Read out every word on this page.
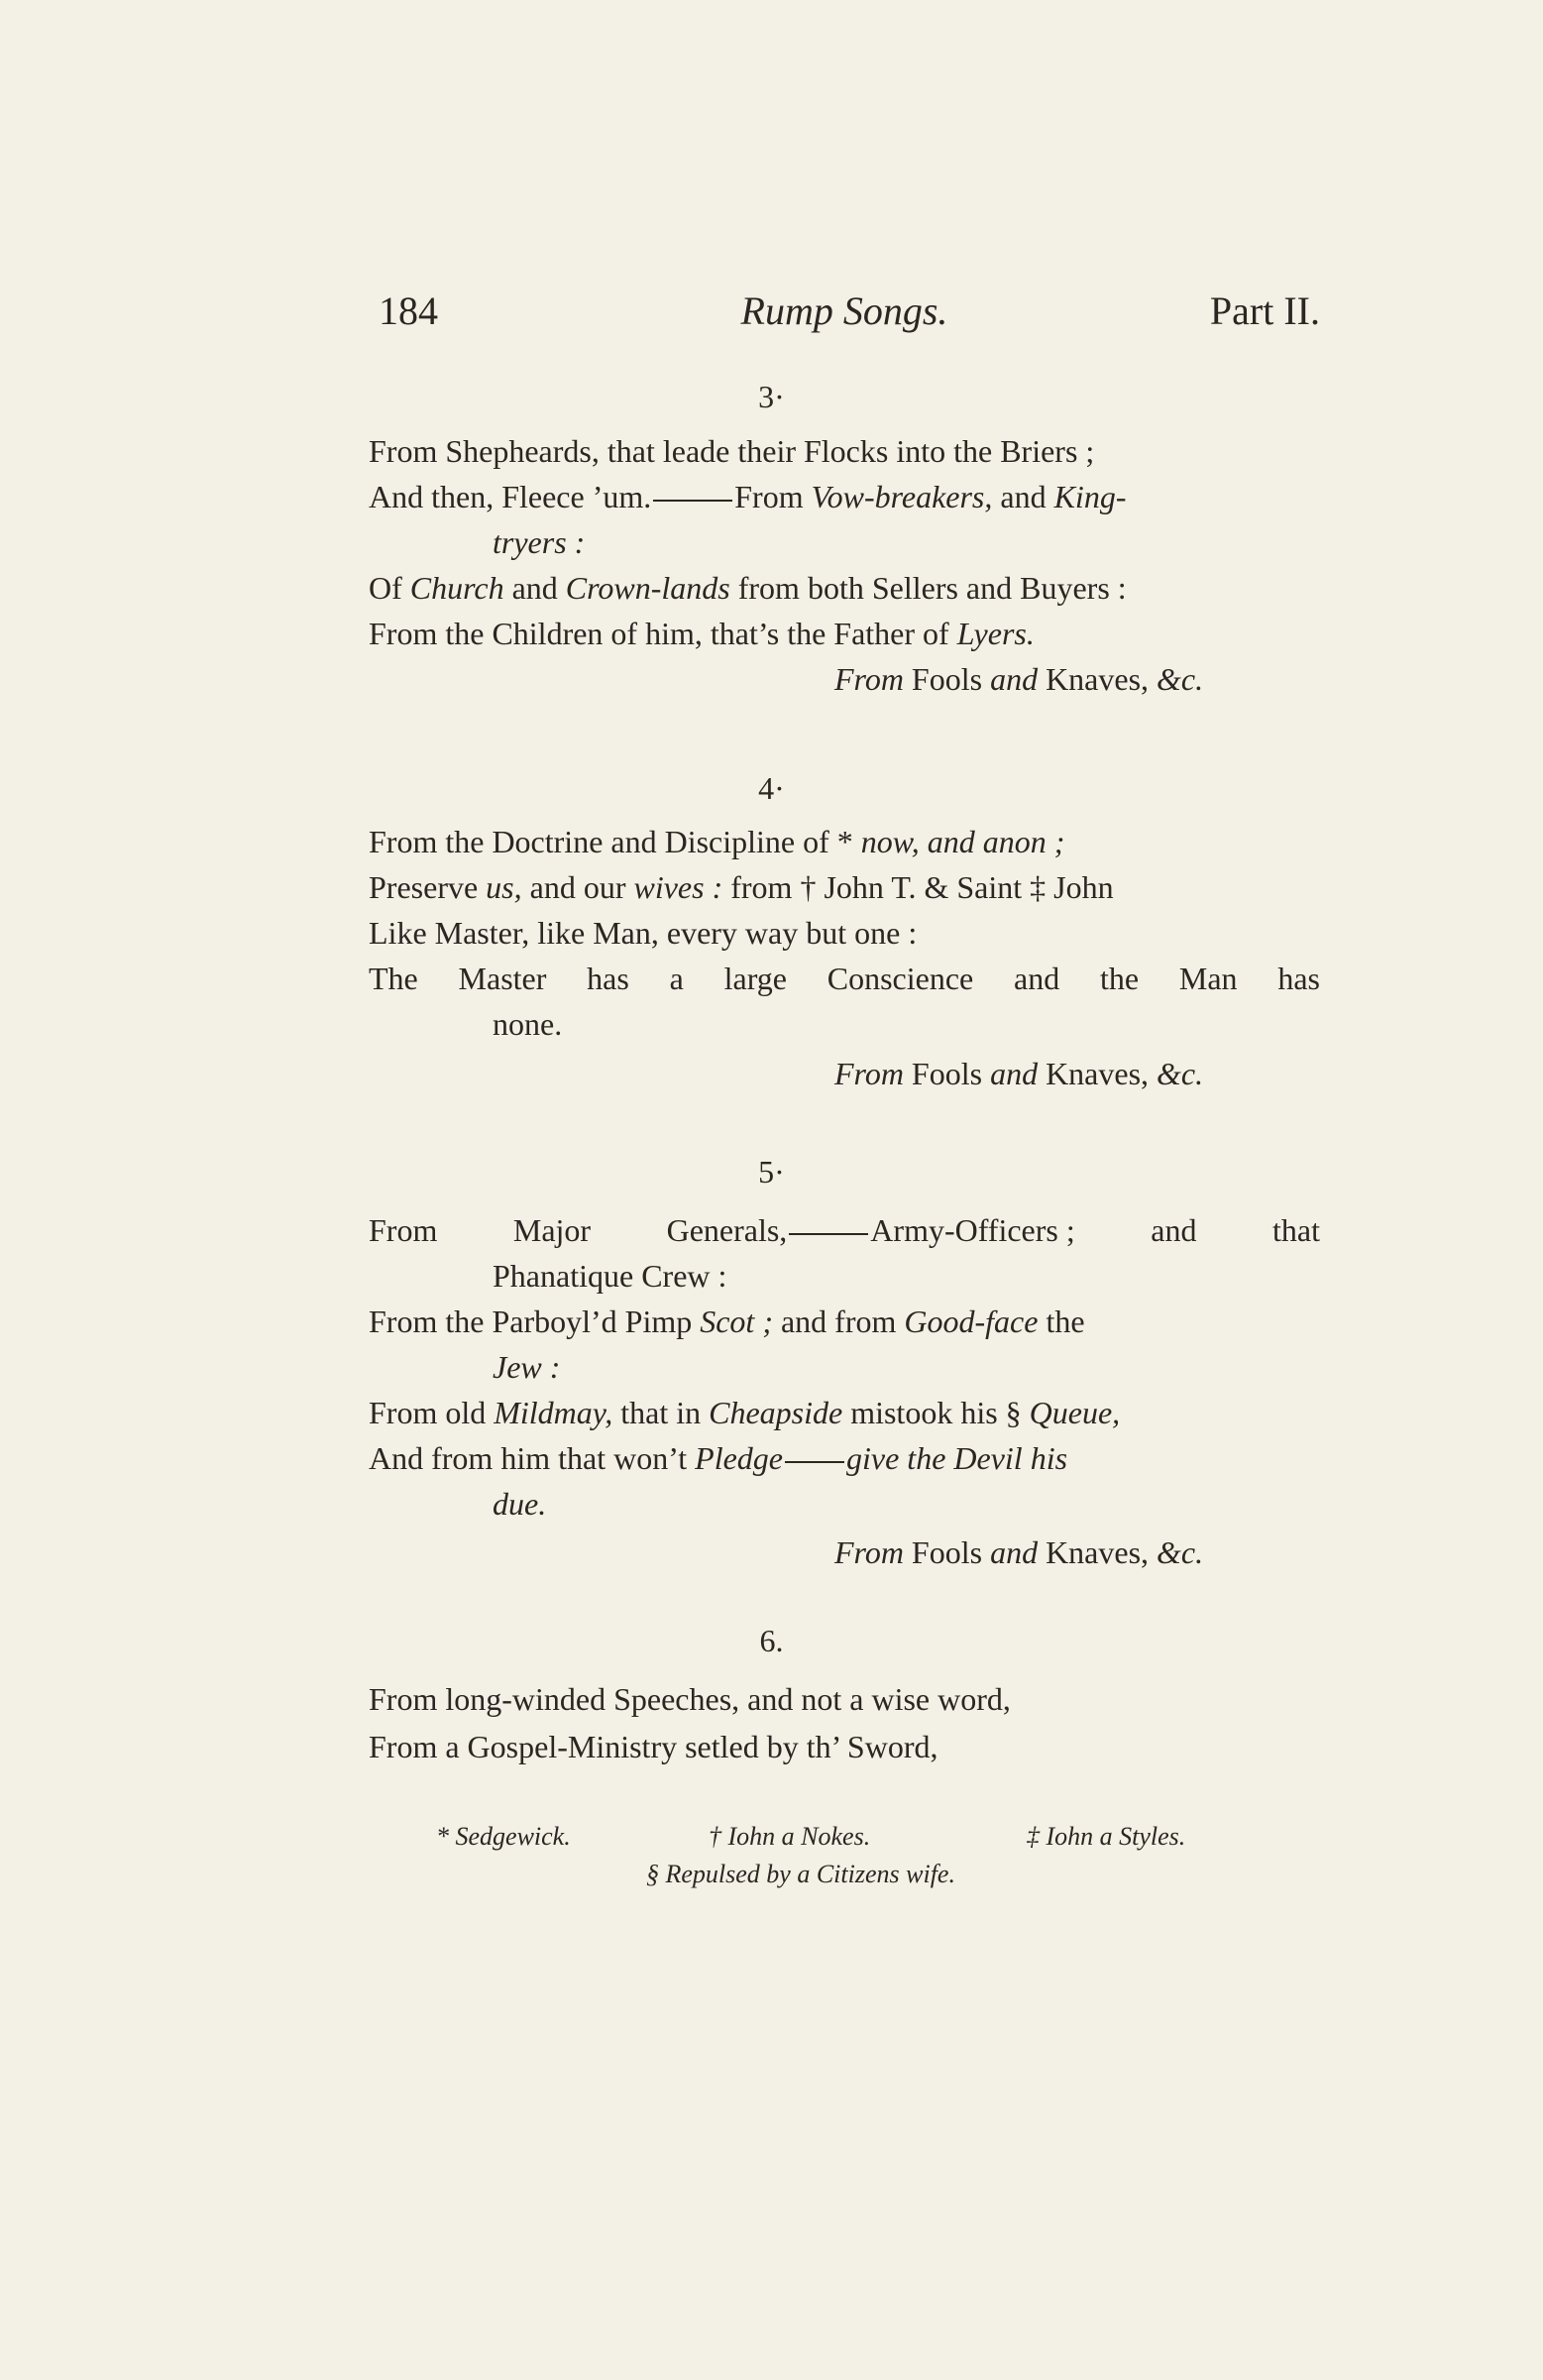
184	Rump Songs.	Part II.
3·
From Shepheards, that leade their Flocks into the Briers ;
And then, Fleece ’um.	From Vow-breakers, and King-
tryers :
Of Church and Crown-lands from both Sellers and Buyers :
From the Children of him, that’s the Father of Lyers.
From Fools and Knaves, &c.
4·
From the Doctrine and Discipline of * now, and anon ;
Preserve us, and our wives : from † John T. & Saint ‡ John
Like Master, like Man, every way but one :
The Master has a large Conscience and the Man has
none.
From Fools and Knaves, &c.
5·
From Major Generals,	Army-Officers ; and that
Phanatique Crew :
From the Parboyl’d Pimp Scot ; and from Good-face the
Jew :
From old Mildmay, that in Cheapside mistook his § Queue,
And from him that won’t Pledge give the Devil his
due.
From Fools and Knaves, &c.
6.
From long-winded Speeches, and not a wise word,
From a Gospel-Ministry setled by th’ Sword,
* Sedgewick.	† Iohn a Nokes.	‡ Iohn a Styles.
§ Repulsed by a Citizens wife.
